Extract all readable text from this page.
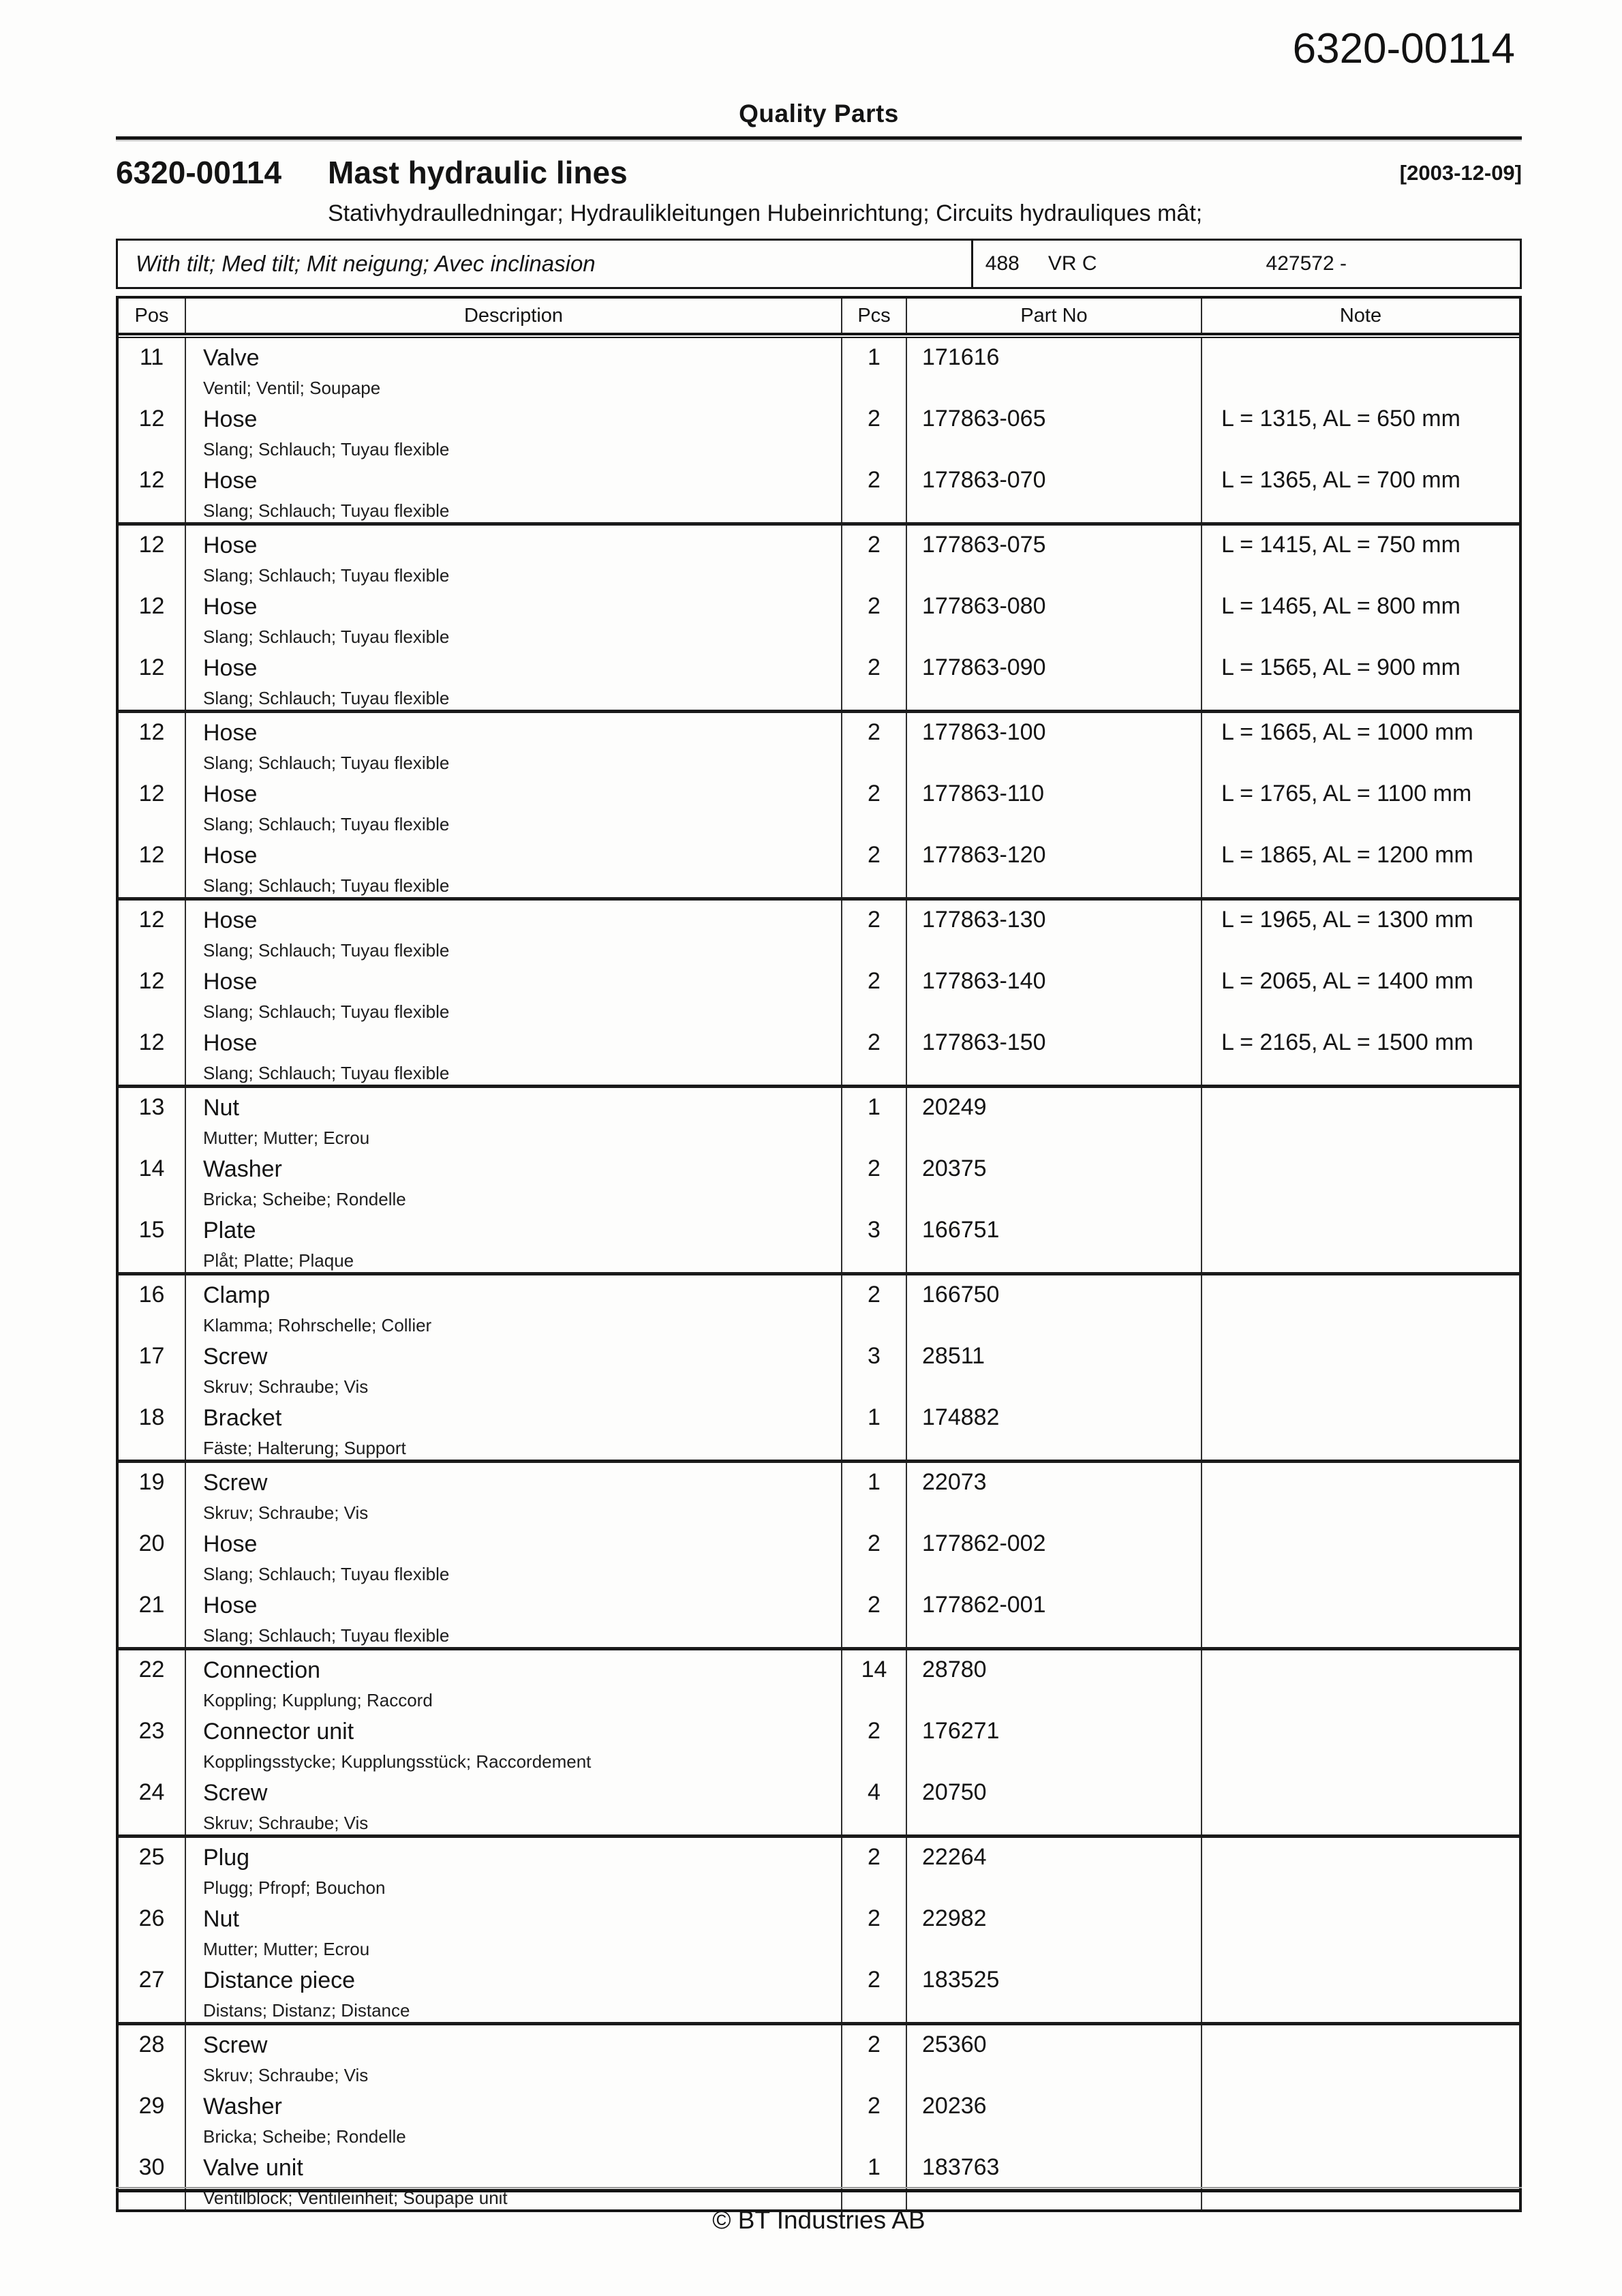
6320-00114
Quality Parts
6320-00114 Mast hydraulic lines	[2003-12-09]
Stativhydraulledningar; Hydraulikleitungen Hubeinrichtung; Circuits hydrauliques mât;
With tilt; Med tilt; Mit neigung; Avec inclinasion	488 VR C	427572 -
Pos	Description	Pcs	Part No	Note
11	Valve
Ventil; Ventil; Soupape
1	171616
12	Hose
Slang; Schlauch; Tuyau flexible
2	177863-065	L = 1315, AL = 650 mm
12	Hose
Slang; Schlauch; Tuyau flexible
2	177863-070	L = 1365, AL = 700 mm
12	Hose
Slang; Schlauch; Tuyau flexible
2	177863-075	L = 1415, AL = 750 mm
12	Hose
Slang; Schlauch; Tuyau flexible
2	177863-080	L = 1465, AL = 800 mm
12	Hose
Slang; Schlauch; Tuyau flexible
2	177863-090	L = 1565, AL = 900 mm
12	Hose
Slang; Schlauch; Tuyau flexible
2	177863-100	L = 1665, AL = 1000 mm
12	Hose
Slang; Schlauch; Tuyau flexible
2	177863-110	L = 1765, AL = 1100 mm
12	Hose
Slang; Schlauch; Tuyau flexible
2	177863-120	L = 1865, AL = 1200 mm
12	Hose
Slang; Schlauch; Tuyau flexible
2	177863-130	L = 1965, AL = 1300 mm
12	Hose
Slang; Schlauch; Tuyau flexible
2	177863-140	L = 2065, AL = 1400 mm
12	Hose
Slang; Schlauch; Tuyau flexible
2	177863-150	L = 2165, AL = 1500 mm
13	Nut
Mutter; Mutter; Ecrou
1	20249
14	Washer
Bricka; Scheibe; Rondelle
2	20375
15	Plate
Plåt; Platte; Plaque
3	166751
16	Clamp
Klamma; Rohrschelle; Collier
2	166750
17	Screw
Skruv; Schraube; Vis
3	28511
18	Bracket
Fäste; Halterung; Support
1	174882
19	Screw
Skruv; Schraube; Vis
1	22073
20	Hose
Slang; Schlauch; Tuyau flexible
2	177862-002
21	Hose
Slang; Schlauch; Tuyau flexible
2	177862-001
22	Connection
Koppling; Kupplung; Raccord
14	28780
23	Connector unit
Kopplingsstycke; Kupplungsstück; Raccordement
2	176271
24	Screw
Skruv; Schraube; Vis
4	20750
25	Plug
Plugg; Pfropf; Bouchon
2	22264
26	Nut
Mutter; Mutter; Ecrou
2	22982
27	Distance piece
Distans; Distanz; Distance
2	183525
28	Screw
Skruv; Schraube; Vis
2	25360
29	Washer
Bricka; Scheibe; Rondelle
2	20236
30	Valve unit
Ventilblock; Ventileinheit; Soupape unit
1	183763
© BT Industries AB
